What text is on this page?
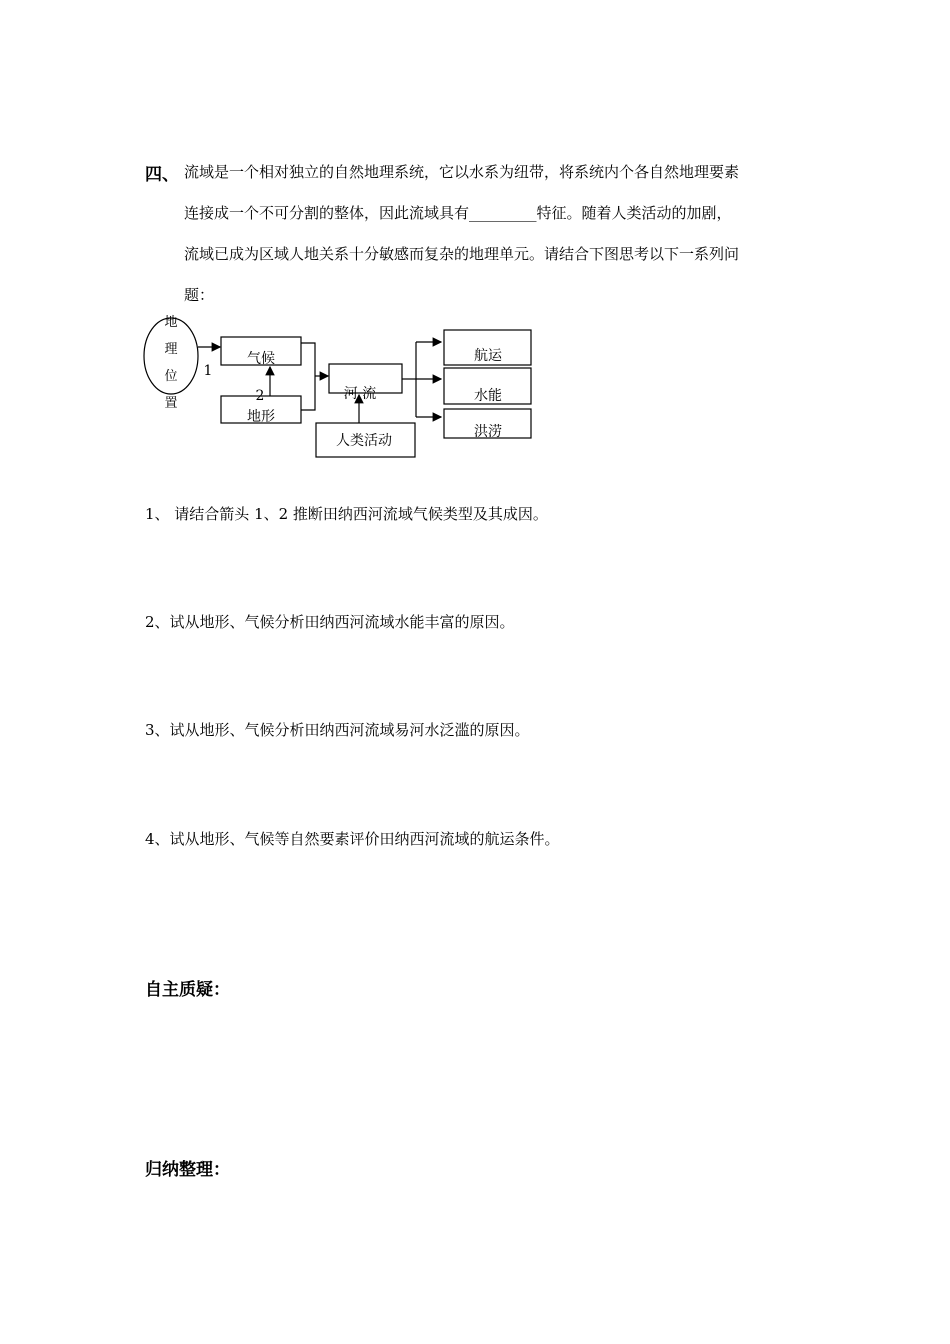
四、 流域是一个相对独立的自然地理系统，它以水系为纽带，将系统内个各自然地理要素
连接成一个不可分割的整体，因此流域具有_________特征。随着人类活动的加剧，
流域已成为区域人地关系十分敏感而复杂的地理单元。请结合下图思考以下一系列问
题：
地
理
位
置
1
气候
地形
2	河 流
人类活动
航运
水能
洪涝
1、 请结合箭头 1、2 推断田纳西河流域气候类型及其成因。
2、试从地形、气候分析田纳西河流域水能丰富的原因。
3、试从地形、气候分析田纳西河流域易河水泛滥的原因。
4、试从地形、气候等自然要素评价田纳西河流域的航运条件。
自主质疑：
归纳整理：
